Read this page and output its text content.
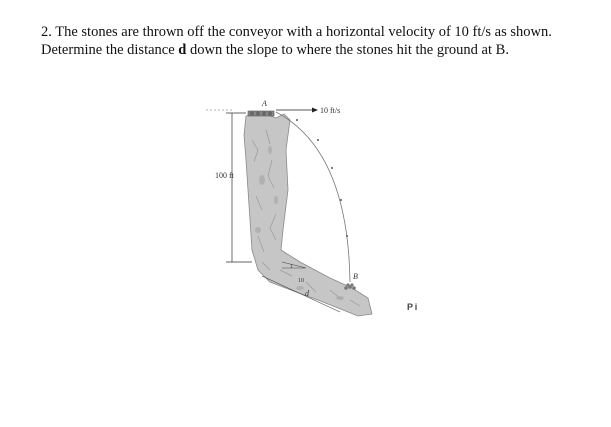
2. The stones are thrown off the conveyor with a horizontal velocity of 10 ft/s as shown.

Determine the distance d down the slope to where the stones hit the ground at B.

A
10 ft/s
100 ft
B
d
1
10
P i
